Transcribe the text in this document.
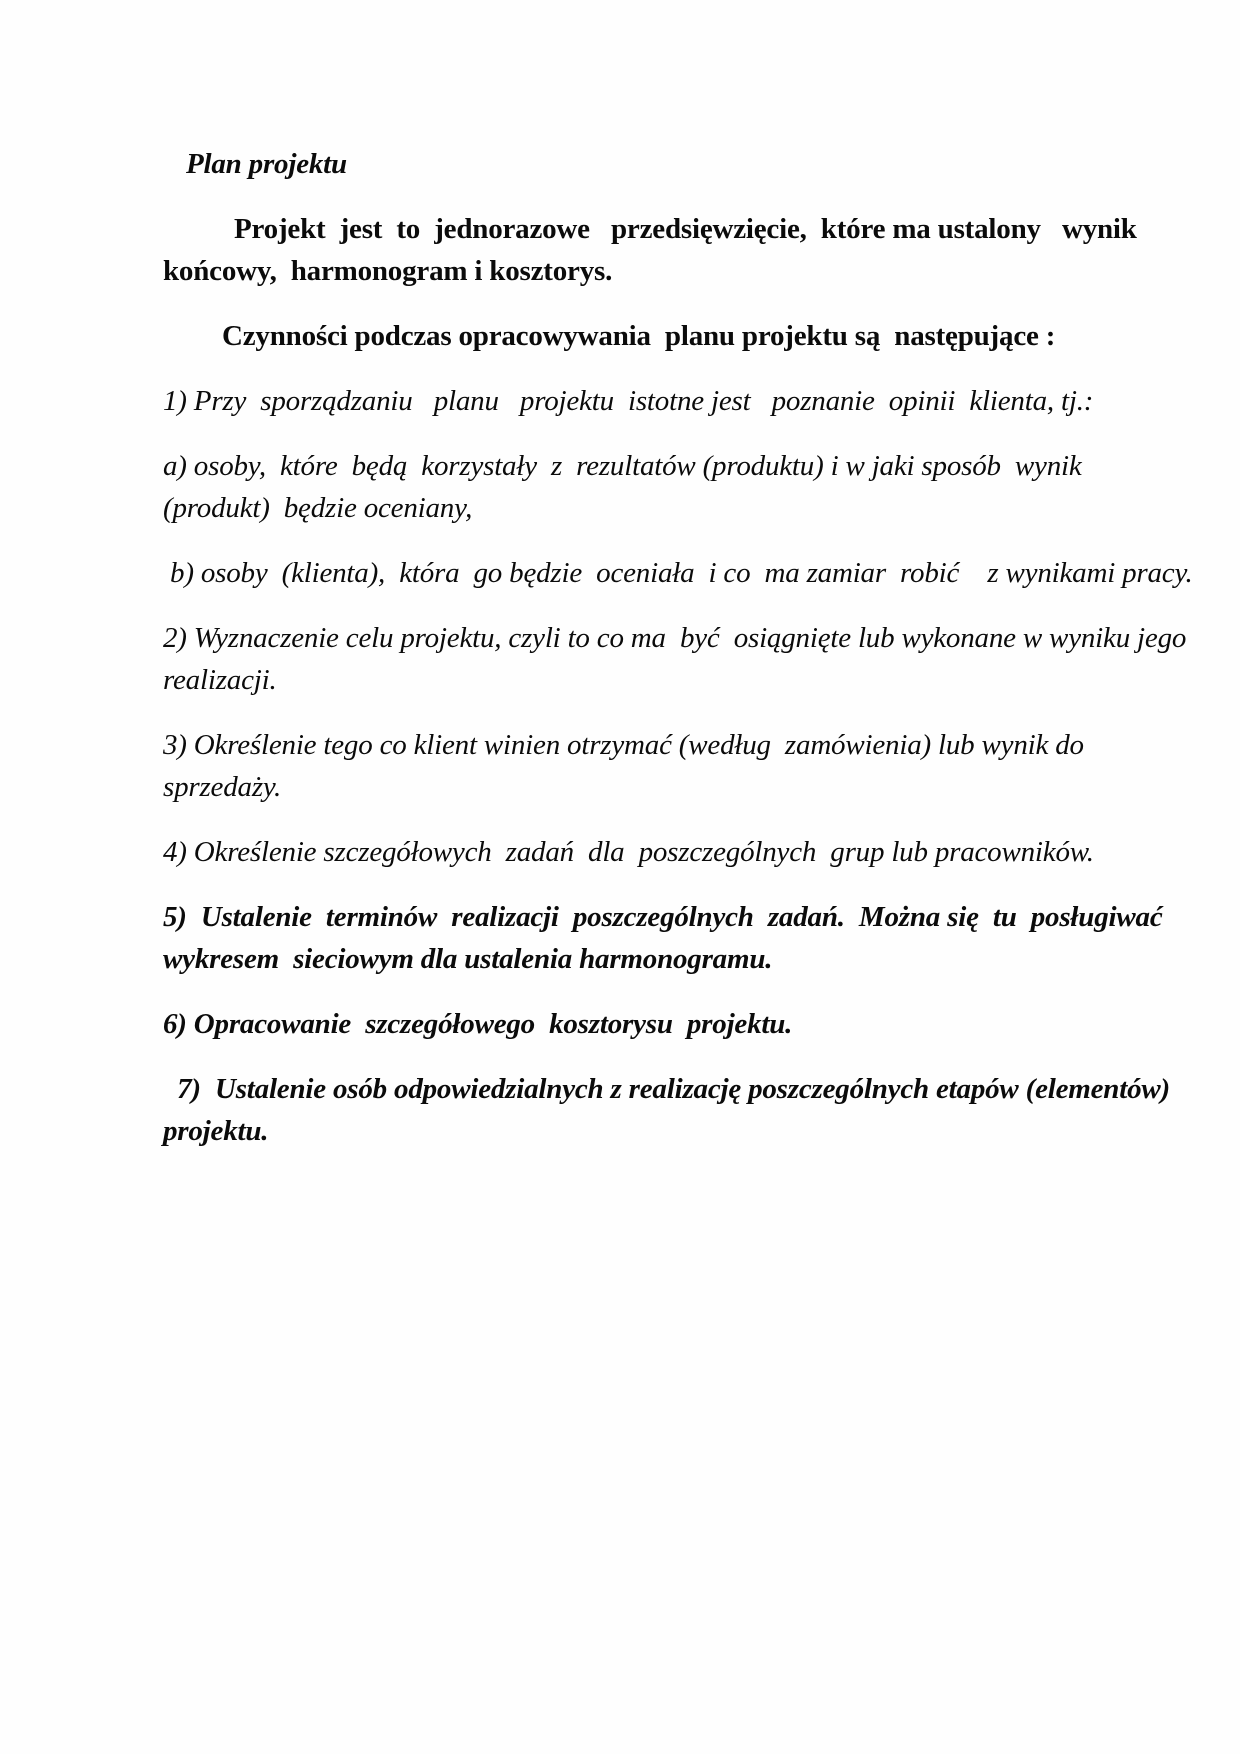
Plan projektu
Projekt  jest  to  jednorazowe   przedsięwzięcie,  które ma ustalony   wynik
końcowy,  harmonogram i kosztorys.
Czynności podczas opracowywania  planu projektu są  następujące :
1) Przy  sporządzaniu   planu   projektu  istotne jest   poznanie  opinii  klienta, tj.:
a) osoby,  które  będą  korzystały  z  rezultatów (produktu) i w jaki sposób  wynik
(produkt)  będzie oceniany,
b) osoby  (klienta),  która  go będzie  oceniała  i co  ma zamiar  robić    z wynikami pracy.
2) Wyznaczenie celu projektu, czyli to co ma  być  osiągnięte lub wykonane w wyniku jego
realizacji.
3) Określenie tego co klient winien otrzymać (według  zamówienia) lub wynik do
sprzedaży.
4) Określenie szczegółowych  zadań  dla  poszczególnych  grup lub pracowników.
5)  Ustalenie  terminów  realizacji  poszczególnych  zadań.  Można się  tu  posługiwać
wykresem  sieciowym dla ustalenia harmonogramu.
6) Opracowanie  szczegółowego  kosztorysu  projektu.
7)  Ustalenie osób odpowiedzialnych z realizację poszczególnych etapów (elementów)
projektu.
